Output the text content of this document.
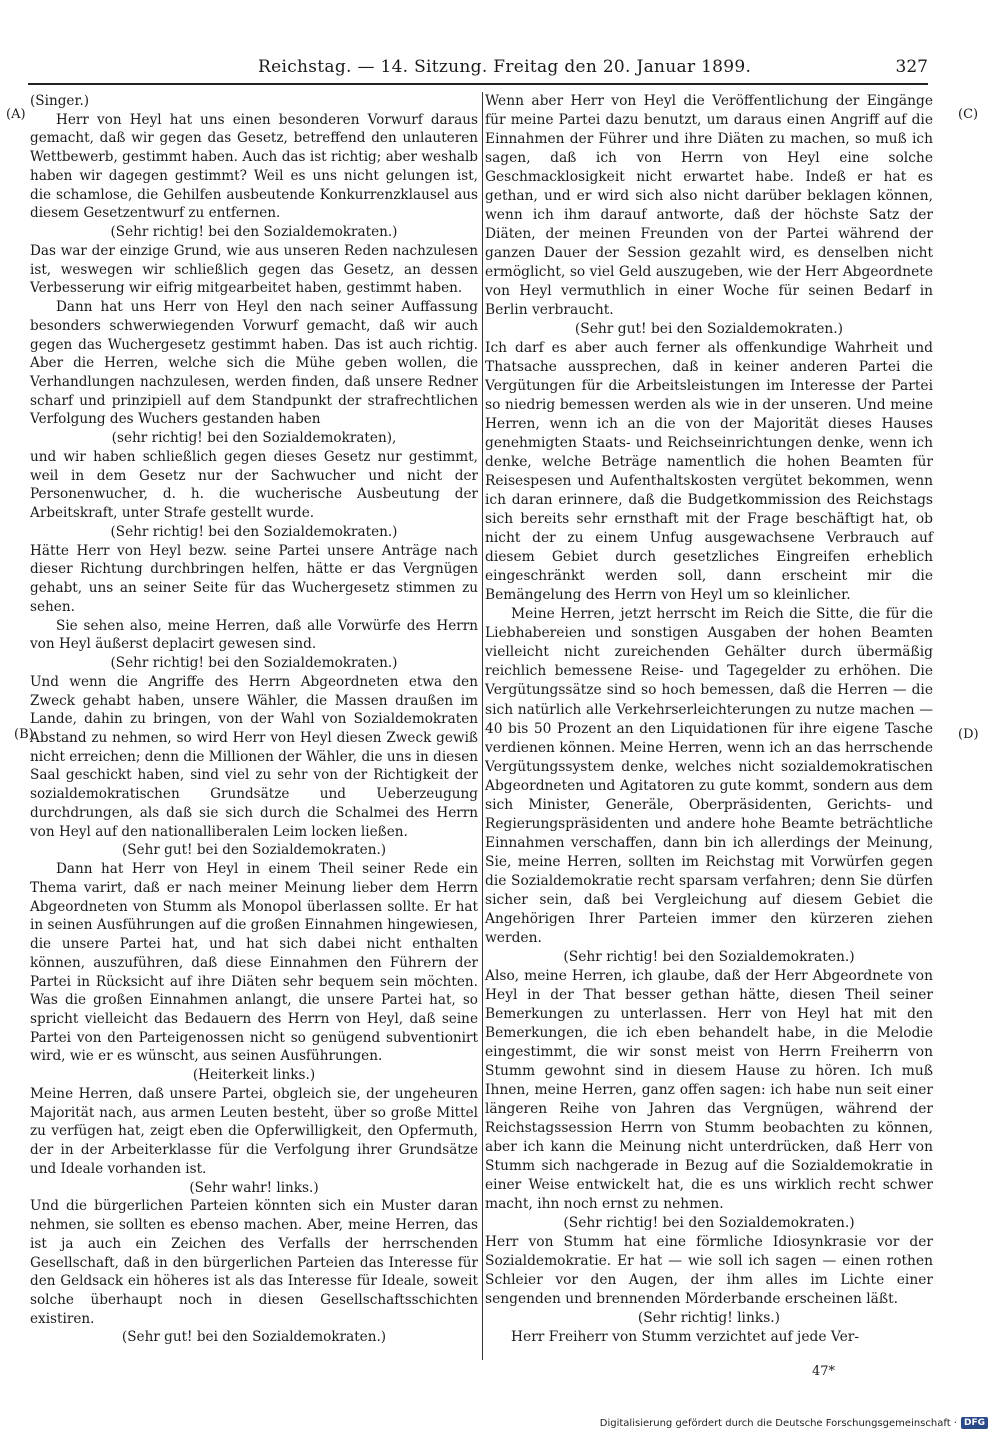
Reichstag. — 14. Sitzung. Freitag den 20. Januar 1899.	327
(A)
(B)
(C)
(D)

(Singer.)

Herr von Heyl hat uns einen besonderen Vorwurf daraus gemacht, daß wir gegen das Gesetz, betreffend den unlauteren Wettbewerb, gestimmt haben. Auch das ist richtig; aber weshalb haben wir dagegen gestimmt? Weil es uns nicht gelungen ist, die schamlose, die Gehilfen ausbeutende Konkurrenzklausel aus diesem Gesetzentwurf zu entfernen.

(Sehr richtig! bei den Sozialdemokraten.)

Das war der einzige Grund, wie aus unseren Reden nachzulesen ist, weswegen wir schließlich gegen das Gesetz, an dessen Verbesserung wir eifrig mitgearbeitet haben, gestimmt haben.

Dann hat uns Herr von Heyl den nach seiner Auffassung besonders schwerwiegenden Vorwurf gemacht, daß wir auch gegen das Wuchergesetz gestimmt haben. Das ist auch richtig. Aber die Herren, welche sich die Mühe geben wollen, die Verhandlungen nachzulesen, werden finden, daß unsere Redner scharf und prinzipiell auf dem Standpunkt der strafrechtlichen Verfolgung des Wuchers gestanden haben

(sehr richtig! bei den Sozialdemokraten),

und wir haben schließlich gegen dieses Gesetz nur gestimmt, weil in dem Gesetz nur der Sachwucher und nicht der Personenwucher, d. h. die wucherische Ausbeutung der Arbeitskraft, unter Strafe gestellt wurde.

(Sehr richtig! bei den Sozialdemokraten.)

Hätte Herr von Heyl bezw. seine Partei unsere Anträge nach dieser Richtung durchbringen helfen, hätte er das Vergnügen gehabt, uns an seiner Seite für das Wuchergesetz stimmen zu sehen.

Sie sehen also, meine Herren, daß alle Vorwürfe des Herrn von Heyl äußerst deplacirt gewesen sind.

(Sehr richtig! bei den Sozialdemokraten.)

Und wenn die Angriffe des Herrn Abgeordneten etwa den Zweck gehabt haben, unsere Wähler, die Massen draußen im Lande, dahin zu bringen, von der Wahl von Sozialdemokraten Abstand zu nehmen, so wird Herr von Heyl diesen Zweck gewiß nicht erreichen; denn die Millionen der Wähler, die uns in diesen Saal geschickt haben, sind viel zu sehr von der Richtigkeit der sozialdemokratischen Grundsätze und Ueberzeugung durchdrungen, als daß sie sich durch die Schalmei des Herrn von Heyl auf den nationalliberalen Leim locken ließen.

(Sehr gut! bei den Sozialdemokraten.)

Dann hat Herr von Heyl in einem Theil seiner Rede ein Thema varirt, daß er nach meiner Meinung lieber dem Herrn Abgeordneten von Stumm als Monopol überlassen sollte. Er hat in seinen Ausführungen auf die großen Einnahmen hingewiesen, die unsere Partei hat, und hat sich dabei nicht enthalten können, auszuführen, daß diese Einnahmen den Führern der Partei in Rücksicht auf ihre Diäten sehr bequem sein möchten. Was die großen Einnahmen anlangt, die unsere Partei hat, so spricht vielleicht das Bedauern des Herrn von Heyl, daß seine Partei von den Parteigenossen nicht so genügend subventionirt wird, wie er es wünscht, aus seinen Ausführungen.

(Heiterkeit links.)

Meine Herren, daß unsere Partei, obgleich sie, der ungeheuren Majorität nach, aus armen Leuten besteht, über so große Mittel zu verfügen hat, zeigt eben die Opferwilligkeit, den Opfermuth, der in der Arbeiterklasse für die Verfolgung ihrer Grundsätze und Ideale vorhanden ist.

(Sehr wahr! links.)

Und die bürgerlichen Parteien könnten sich ein Muster daran nehmen, sie sollten es ebenso machen. Aber, meine Herren, das ist ja auch ein Zeichen des Verfalls der herrschenden Gesellschaft, daß in den bürgerlichen Parteien das Interesse für den Geldsack ein höheres ist als das Interesse für Ideale, soweit solche überhaupt noch in diesen Gesellschaftsschichten existiren.

(Sehr gut! bei den Sozialdemokraten.)

Wenn aber Herr von Heyl die Veröffentlichung der Eingänge für meine Partei dazu benutzt, um daraus einen Angriff auf die Einnahmen der Führer und ihre Diäten zu machen, so muß ich sagen, daß ich von Herrn von Heyl eine solche Geschmacklosigkeit nicht erwartet habe. Indeß er hat es gethan, und er wird sich also nicht darüber beklagen können, wenn ich ihm darauf antworte, daß der höchste Satz der Diäten, der meinen Freunden von der Partei während der ganzen Dauer der Session gezahlt wird, es denselben nicht ermöglicht, so viel Geld auszugeben, wie der Herr Abgeordnete von Heyl vermuthlich in einer Woche für seinen Bedarf in Berlin verbraucht.

(Sehr gut! bei den Sozialdemokraten.)

Ich darf es aber auch ferner als offenkundige Wahrheit und Thatsache aussprechen, daß in keiner anderen Partei die Vergütungen für die Arbeitsleistungen im Interesse der Partei so niedrig bemessen werden als wie in der unseren. Und meine Herren, wenn ich an die von der Majorität dieses Hauses genehmigten Staats- und Reichseinrichtungen denke, wenn ich denke, welche Beträge namentlich die hohen Beamten für Reisespesen und Aufenthaltskosten vergütet bekommen, wenn ich daran erinnere, daß die Budgetkommission des Reichstags sich bereits sehr ernsthaft mit der Frage beschäftigt hat, ob nicht der zu einem Unfug ausgewachsene Verbrauch auf diesem Gebiet durch gesetzliches Eingreifen erheblich eingeschränkt werden soll, dann erscheint mir die Bemängelung des Herrn von Heyl um so kleinlicher.

Meine Herren, jetzt herrscht im Reich die Sitte, die für die Liebhabereien und sonstigen Ausgaben der hohen Beamten vielleicht nicht zureichenden Gehälter durch übermäßig reichlich bemessene Reise- und Tagegelder zu erhöhen. Die Vergütungssätze sind so hoch bemessen, daß die Herren — die sich natürlich alle Verkehrserleichterungen zu nutze machen — 40 bis 50 Prozent an den Liquidationen für ihre eigene Tasche verdienen können. Meine Herren, wenn ich an das herrschende Vergütungssystem denke, welches nicht sozialdemokratischen Abgeordneten und Agitatoren zu gute kommt, sondern aus dem sich Minister, Generäle, Oberpräsidenten, Gerichts- und Regierungspräsidenten und andere hohe Beamte beträchtliche Einnahmen verschaffen, dann bin ich allerdings der Meinung, Sie, meine Herren, sollten im Reichstag mit Vorwürfen gegen die Sozialdemokratie recht sparsam verfahren; denn Sie dürfen sicher sein, daß bei Vergleichung auf diesem Gebiet die Angehörigen Ihrer Parteien immer den kürzeren ziehen werden.

(Sehr richtig! bei den Sozialdemokraten.)

Also, meine Herren, ich glaube, daß der Herr Abgeordnete von Heyl in der That besser gethan hätte, diesen Theil seiner Bemerkungen zu unterlassen. Herr von Heyl hat mit den Bemerkungen, die ich eben behandelt habe, in die Melodie eingestimmt, die wir sonst meist von Herrn Freiherrn von Stumm gewohnt sind in diesem Hause zu hören. Ich muß Ihnen, meine Herren, ganz offen sagen: ich habe nun seit einer längeren Reihe von Jahren das Vergnügen, während der Reichstagssession Herrn von Stumm beobachten zu können, aber ich kann die Meinung nicht unterdrücken, daß Herr von Stumm sich nachgerade in Bezug auf die Sozialdemokratie in einer Weise entwickelt hat, die es uns wirklich recht schwer macht, ihn noch ernst zu nehmen.

(Sehr richtig! bei den Sozialdemokraten.)

Herr von Stumm hat eine förmliche Idiosynkrasie vor der Sozialdemokratie. Er hat — wie soll ich sagen — einen rothen Schleier vor den Augen, der ihm alles im Lichte einer sengenden und brennenden Mörderbande erscheinen läßt.

(Sehr richtig! links.)

Herr Freiherr von Stumm verzichtet auf jede Ver-

47*
Digitalisierung gefördert durch die Deutsche Forschungsgemeinschaft · DFG
